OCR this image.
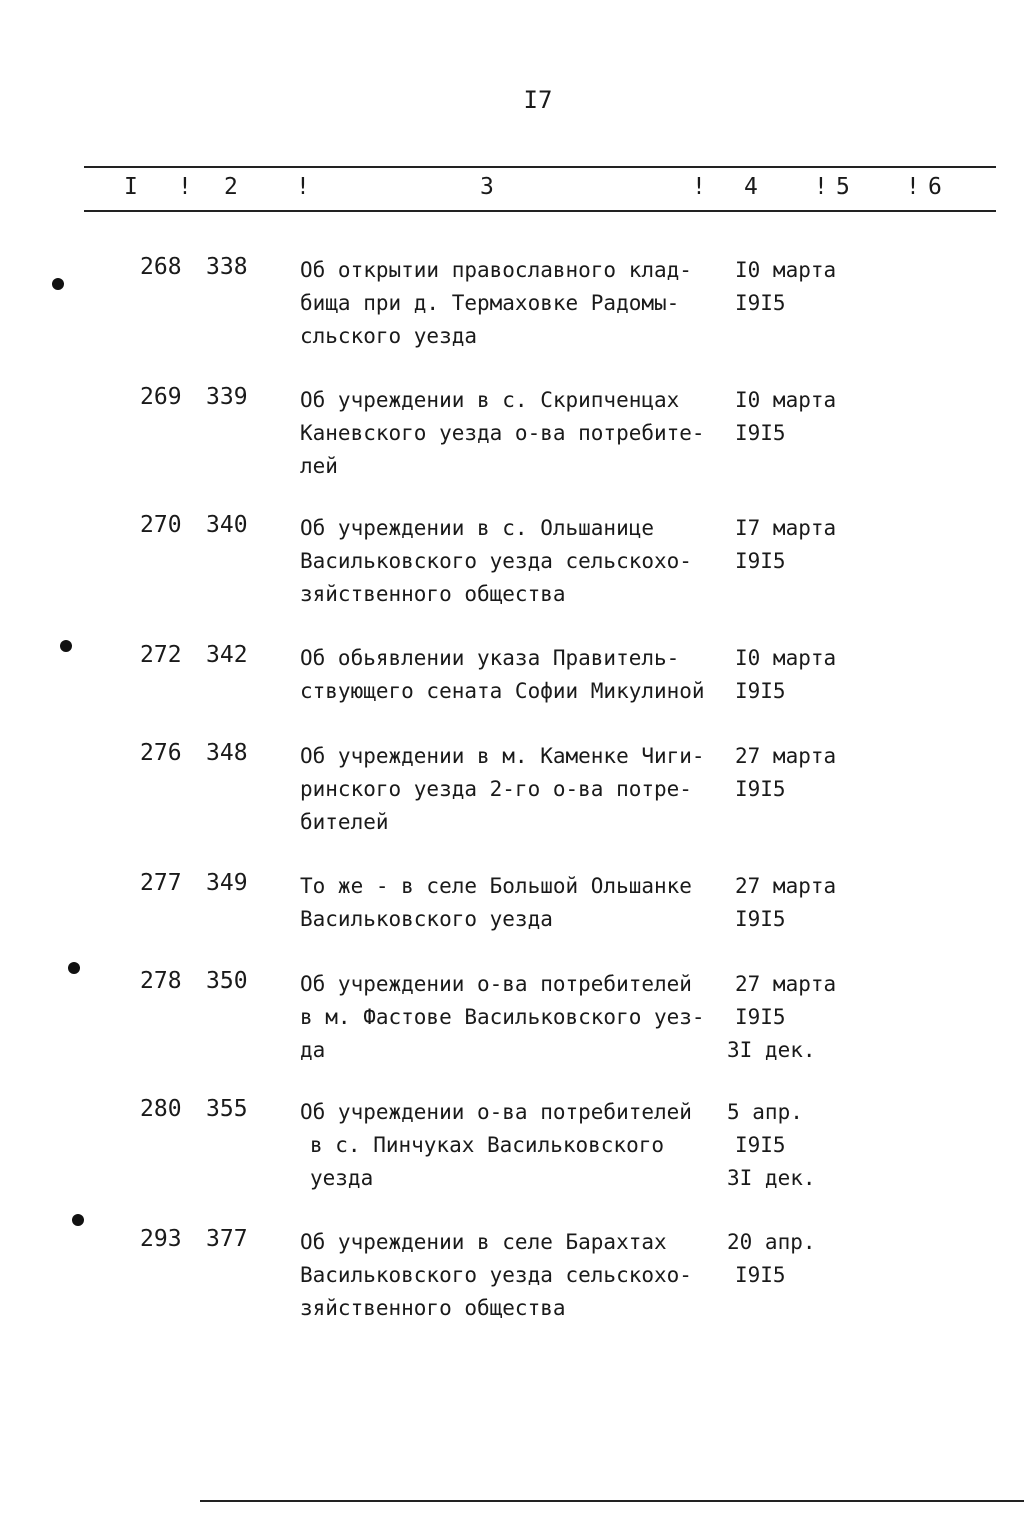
I7
I ! 2	!	3	! 4 ! 5 ! 6
268 338 Об открытии православного клад-
бища при д. Термаховке Радомы-
сльского уезда
I0 марта
I9I5
269 339 Об учреждении в с. Скрипченцах
Каневского уезда о-ва потребите-
лей
I0 марта
I9I5
270 340 Об учреждении в с. Ольшанице
Васильковского уезда сельскохо-
зяйственного общества
I7 марта
I9I5
272 342 Об обьявлении указа Правитель-
ствующего сената Софии Микулиной
I0 марта
I9I5
276 348 Об учреждении в м. Каменке Чиги-
ринского уезда 2-го о-ва потре-
бителей
27 марта
I9I5
277 349 То же - в селе Большой Ольшанке
Васильковского уезда
27 марта
I9I5
278 350 Об учреждении о-ва потребителей
в м. Фастове Васильковского уез-
да
27 марта
I9I5
3I дек.
280 355 Об учреждении о-ва потребителей
в с. Пинчуках Васильковского
уезда
5 апр.
I9I5
3I дек.
293 377 Об учреждении в селе Барахтах
Васильковского уезда сельскохо-
зяйственного общества
20 апр.
I9I5
